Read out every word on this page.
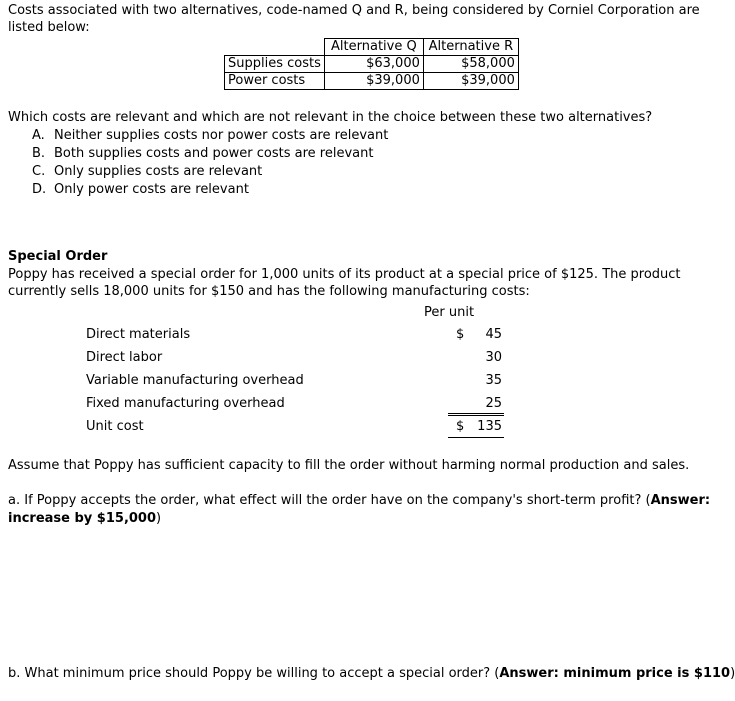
Costs associated with two alternatives, code-named Q and R, being considered by Corniel Corporation are listed below:
	Alternative Q	Alternative R
Supplies costs	$63,000	$58,000
Power costs	$39,000	$39,000
Which costs are relevant and which are not relevant in the choice between these two alternatives?
A. Neither supplies costs nor power costs are relevant
B. Both supplies costs and power costs are relevant
C. Only supplies costs are relevant
D. Only power costs are relevant
Special Order
Poppy has received a special order for 1,000 units of its product at a special price of $125. The product currently sells 18,000 units for $150 and has the following manufacturing costs:
Per unit
Direct materials	$	45
Direct labor	30
Variable manufacturing overhead	35
Fixed manufacturing overhead	25
Unit cost	$ 135
Assume that Poppy has sufficient capacity to fill the order without harming normal production and sales.
a. If Poppy accepts the order, what effect will the order have on the company's short-term profit? (Answer: increase by $15,000)
b. What minimum price should Poppy be willing to accept a special order? (Answer: minimum price is $110)
